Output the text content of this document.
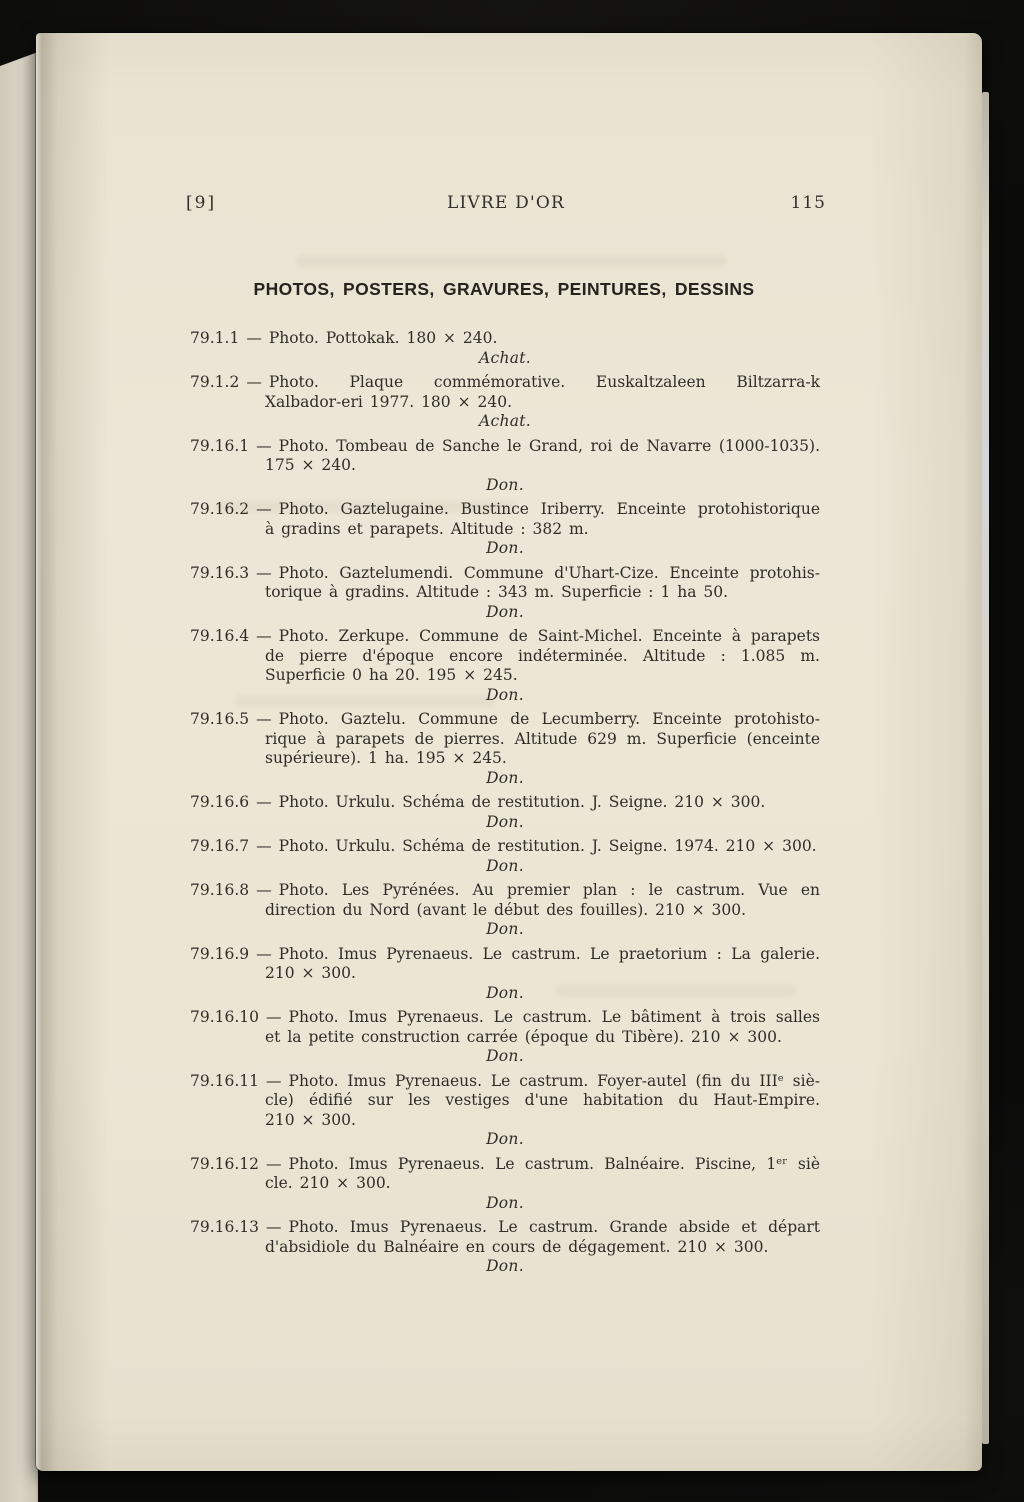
[9]	LIVRE D'OR	115
PHOTOS, POSTERS, GRAVURES, PEINTURES, DESSINS
79.1.1 — Photo. Pottokak. 180 × 240.
Achat.
79.1.2 — Photo. Plaque commémorative. Euskaltzaleen Biltzarra-k
Xalbador-eri 1977. 180 × 240.
Achat.
79.16.1 — Photo. Tombeau de Sanche le Grand, roi de Navarre (1000-1035).
175 × 240.
Don.
79.16.2 — Photo. Gaztelugaine. Bustince Iriberry. Enceinte protohistorique
à gradins et parapets. Altitude : 382 m.
Don.
79.16.3 — Photo. Gaztelumendi. Commune d'Uhart-Cize. Enceinte protohis-
torique à gradins. Altitude : 343 m. Superficie : 1 ha 50.
Don.
79.16.4 — Photo. Zerkupe. Commune de Saint-Michel. Enceinte à parapets
de pierre d'époque encore indéterminée. Altitude : 1.085 m.
Superficie 0 ha 20. 195 × 245.
Don.
79.16.5 — Photo. Gaztelu. Commune de Lecumberry. Enceinte protohisto-
rique à parapets de pierres. Altitude 629 m. Superficie (enceinte
supérieure). 1 ha. 195 × 245.
Don.
79.16.6 — Photo. Urkulu. Schéma de restitution. J. Seigne. 210 × 300.
Don.
79.16.7 — Photo. Urkulu. Schéma de restitution. J. Seigne. 1974. 210 × 300.
Don.
79.16.8 — Photo. Les Pyrénées. Au premier plan : le castrum. Vue en
direction du Nord (avant le début des fouilles). 210 × 300.
Don.
79.16.9 — Photo. Imus Pyrenaeus. Le castrum. Le praetorium : La galerie.
210 × 300.
Don.
79.16.10 — Photo. Imus Pyrenaeus. Le castrum. Le bâtiment à trois salles
et la petite construction carrée (époque du Tibère). 210 × 300.
Don.
79.16.11 — Photo. Imus Pyrenaeus. Le castrum. Foyer-autel (fin du IIIᵉ siè-
cle) édifié sur les vestiges d'une habitation du Haut-Empire.
210 × 300.
Don.
79.16.12 — Photo. Imus Pyrenaeus. Le castrum. Balnéaire. Piscine, 1ᵉʳ siè
cle. 210 × 300.
Don.
79.16.13 — Photo. Imus Pyrenaeus. Le castrum. Grande abside et départ
d'absidiole du Balnéaire en cours de dégagement. 210 × 300.
Don.
